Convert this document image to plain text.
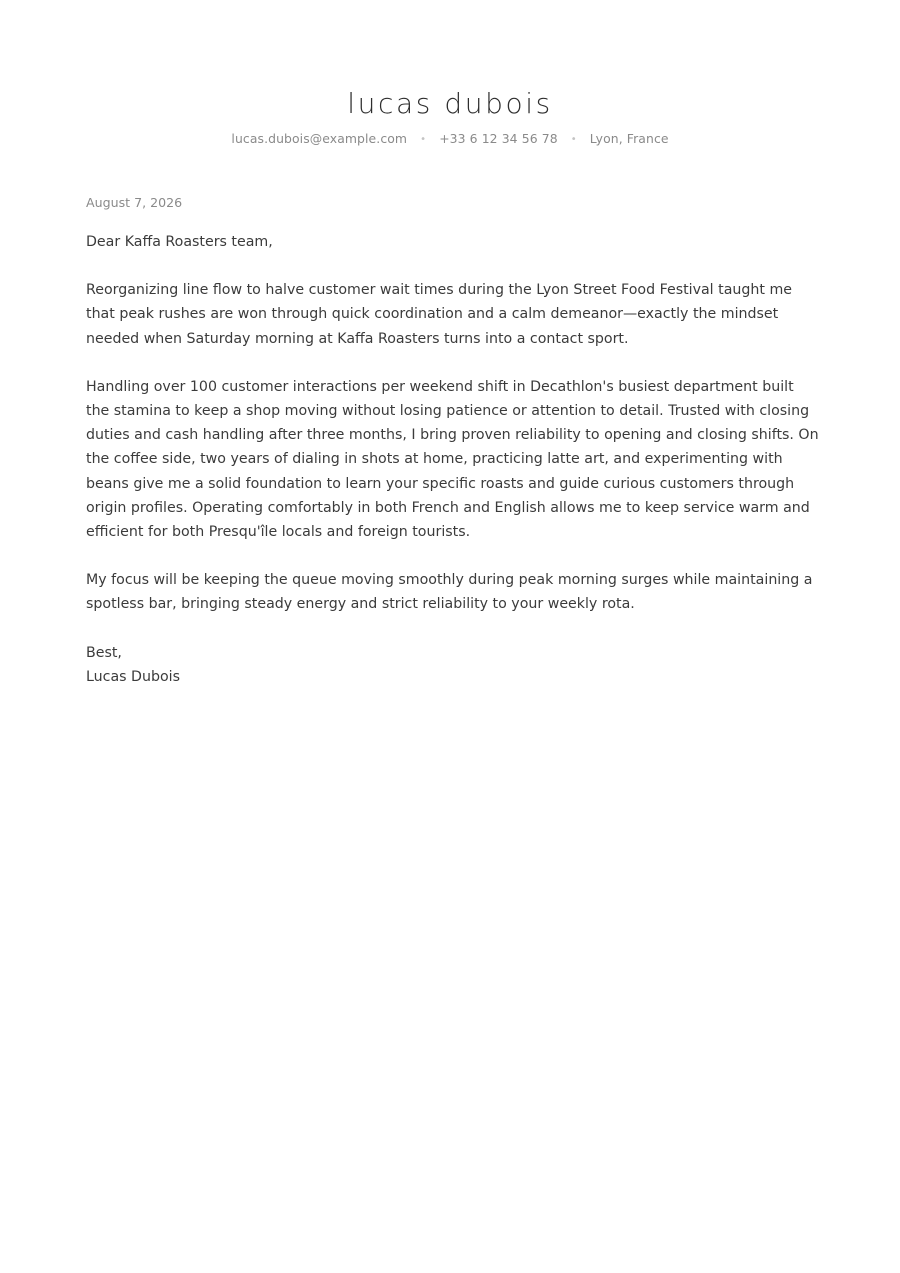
lucas dubois
lucas.dubois@example.com • +33 6 12 34 56 78 • Lyon, France

August 7, 2026

Dear Kaffa Roasters team,

Reorganizing line flow to halve customer wait times during the Lyon Street Food Festival taught me that peak rushes are won through quick coordination and a calm demeanor—exactly the mindset needed when Saturday morning at Kaffa Roasters turns into a contact sport.

Handling over 100 customer interactions per weekend shift in Decathlon's busiest department built the stamina to keep a shop moving without losing patience or attention to detail. Trusted with closing duties and cash handling after three months, I bring proven reliability to opening and closing shifts. On the coffee side, two years of dialing in shots at home, practicing latte art, and experimenting with beans give me a solid foundation to learn your specific roasts and guide curious customers through origin profiles. Operating comfortably in both French and English allows me to keep service warm and efficient for both Presqu'île locals and foreign tourists.

My focus will be keeping the queue moving smoothly during peak morning surges while maintaining a spotless bar, bringing steady energy and strict reliability to your weekly rota.

Best,

Lucas Dubois
